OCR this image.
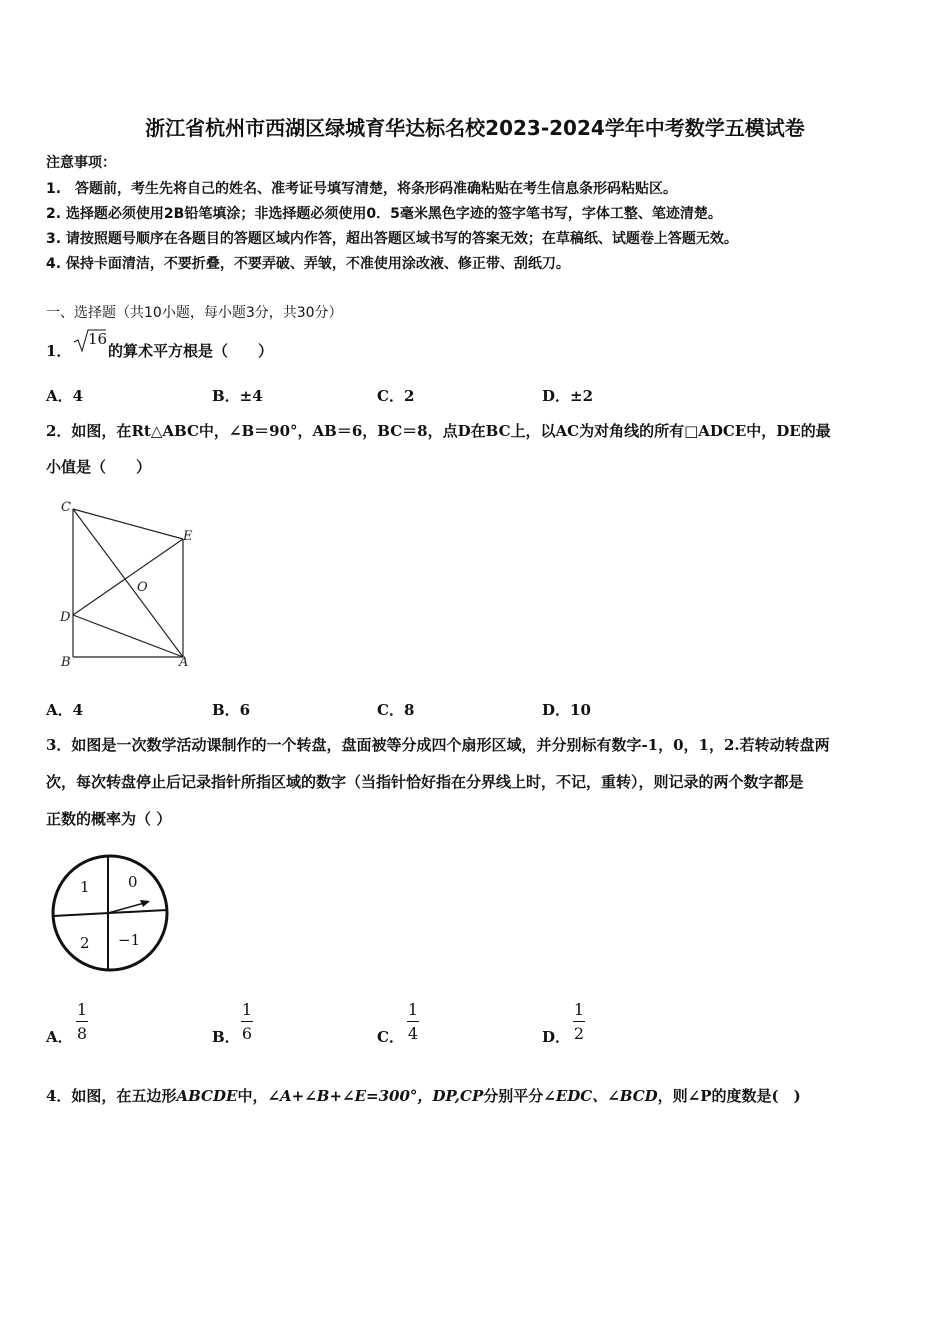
浙江省杭州市西湖区绿城育华达标名校2023-2024学年中考数学五模试卷
注意事项：
1.　答题前，考生先将自己的姓名、准考证号填写清楚，将条形码准确粘贴在考生信息条形码粘贴区。
2. 选择题必须使用2B铅笔填涂；非选择题必须使用0．5毫米黑色字迹的签字笔书写，字体工整、笔迹清楚。
3. 请按照题号顺序在各题目的答题区域内作答，超出答题区域书写的答案无效；在草稿纸、试题卷上答题无效。
4. 保持卡面清洁，不要折叠，不要弄破、弄皱，不准使用涂改液、修正带、刮纸刀。
一、选择题（共10小题，每小题3分，共30分）
1．
16
的算术平方根是（　　）
A．4	B．±4	C．2	D．±2
2．如图，在Rt△ABC中，∠B＝90°，AB＝6，BC＝8，点D在BC上，以AC为对角线的所有□ADCE中，DE的最
小值是（　　）
C
E
O
D
B	A
A．4	B．6	C．8	D．10
3．如图是一次数学活动课制作的一个转盘，盘面被等分成四个扇形区域，并分别标有数字-1，0，1，2.若转动转盘两
次，每次转盘停止后记录指针所指区域的数字（当指针恰好指在分界线上时，不记，重转），则记录的两个数字都是
正数的概率为（ ）
1	0
2 −1
A．
1
8	B．
1
6	C．
1
4	D．
1
2
4．如图，在五边形ABCDE中，∠A+∠B+∠E=300°，DP,CP分别平分∠EDC、∠BCD，则∠P的度数是(　)
